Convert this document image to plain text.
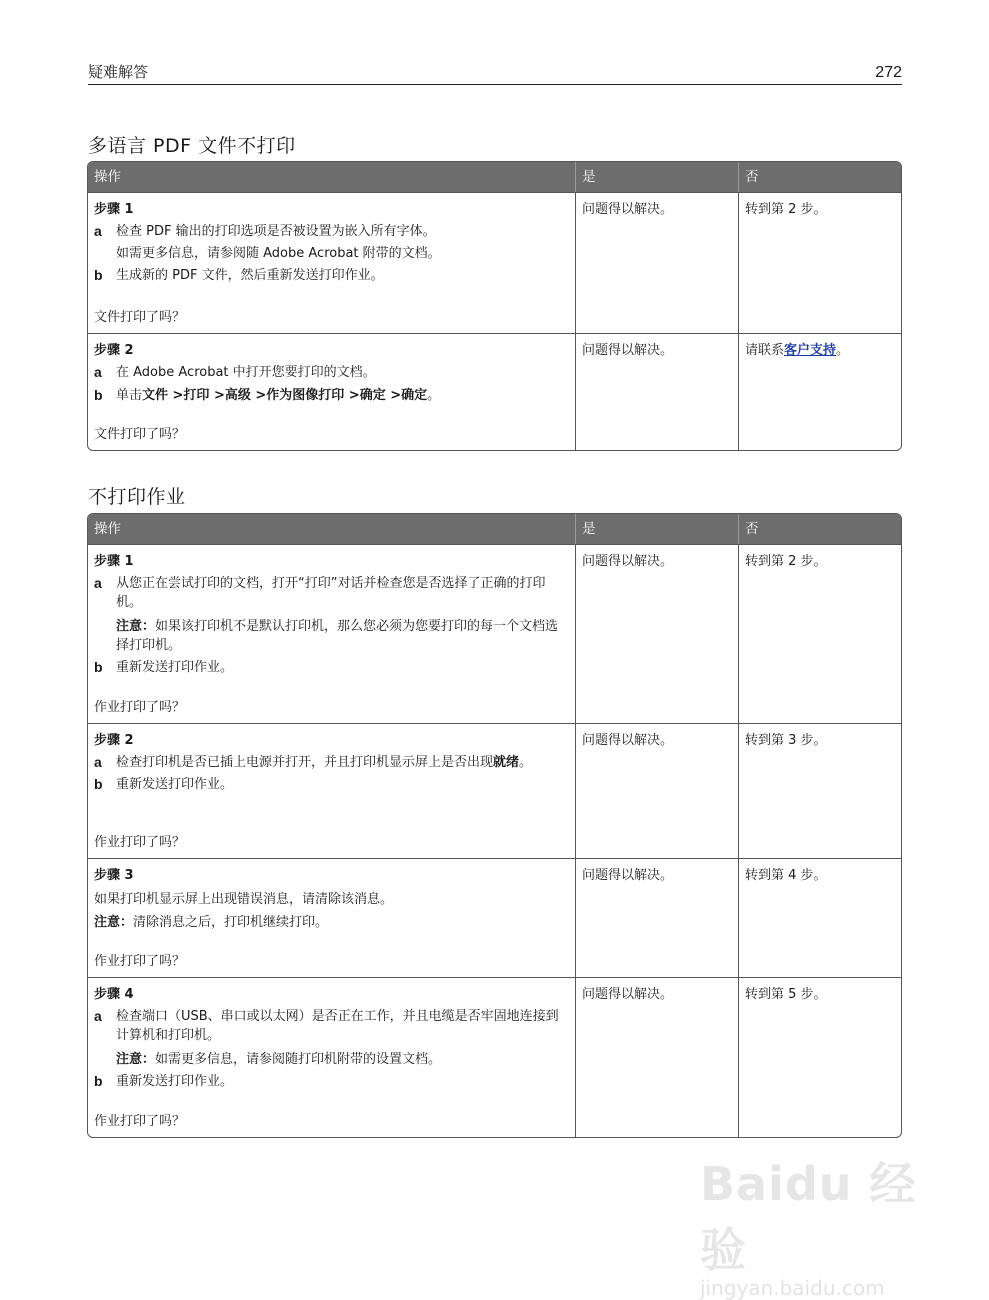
疑难解答	272
多语言 PDF 文件不打印
操作	是	否
步骤 1
a	检查 PDF 输出的打印选项是否被设置为嵌入所有字体。
如需更多信息，请参阅随 Adobe Acrobat 附带的文档。
b	生成新的 PDF 文件，然后重新发送打印作业。
文件打印了吗？
问题得以解决。	转到第 2 步。
步骤 2
a	在 Adobe Acrobat 中打开您要打印的文档。
b	单击文件 >打印 >高级 >作为图像打印 >确定 >确定。
文件打印了吗？
问题得以解决。	请联系客户支持。
不打印作业
操作	是	否
步骤 1
a	从您正在尝试打印的文档，打开“打印”对话并检查您是否选择了正确的打印机。
注意：如果该打印机不是默认打印机，那么您必须为您要打印的每一个文档选择打印机。
b	重新发送打印作业。
作业打印了吗？
问题得以解决。	转到第 2 步。
步骤 2
a	检查打印机是否已插上电源并打开，并且打印机显示屏上是否出现就绪。
b	重新发送打印作业。
作业打印了吗？
问题得以解决。	转到第 3 步。
步骤 3
如果打印机显示屏上出现错误消息，请清除该消息。
注意：清除消息之后，打印机继续打印。
作业打印了吗？
问题得以解决。	转到第 4 步。
步骤 4
a	检查端口（USB、串口或以太网）是否正在工作，并且电缆是否牢固地连接到计算机和打印机。
注意：如需更多信息，请参阅随打印机附带的设置文档。
b	重新发送打印作业。
作业打印了吗？
问题得以解决。	转到第 5 步。
Baidu 经验
jingyan.baidu.com
